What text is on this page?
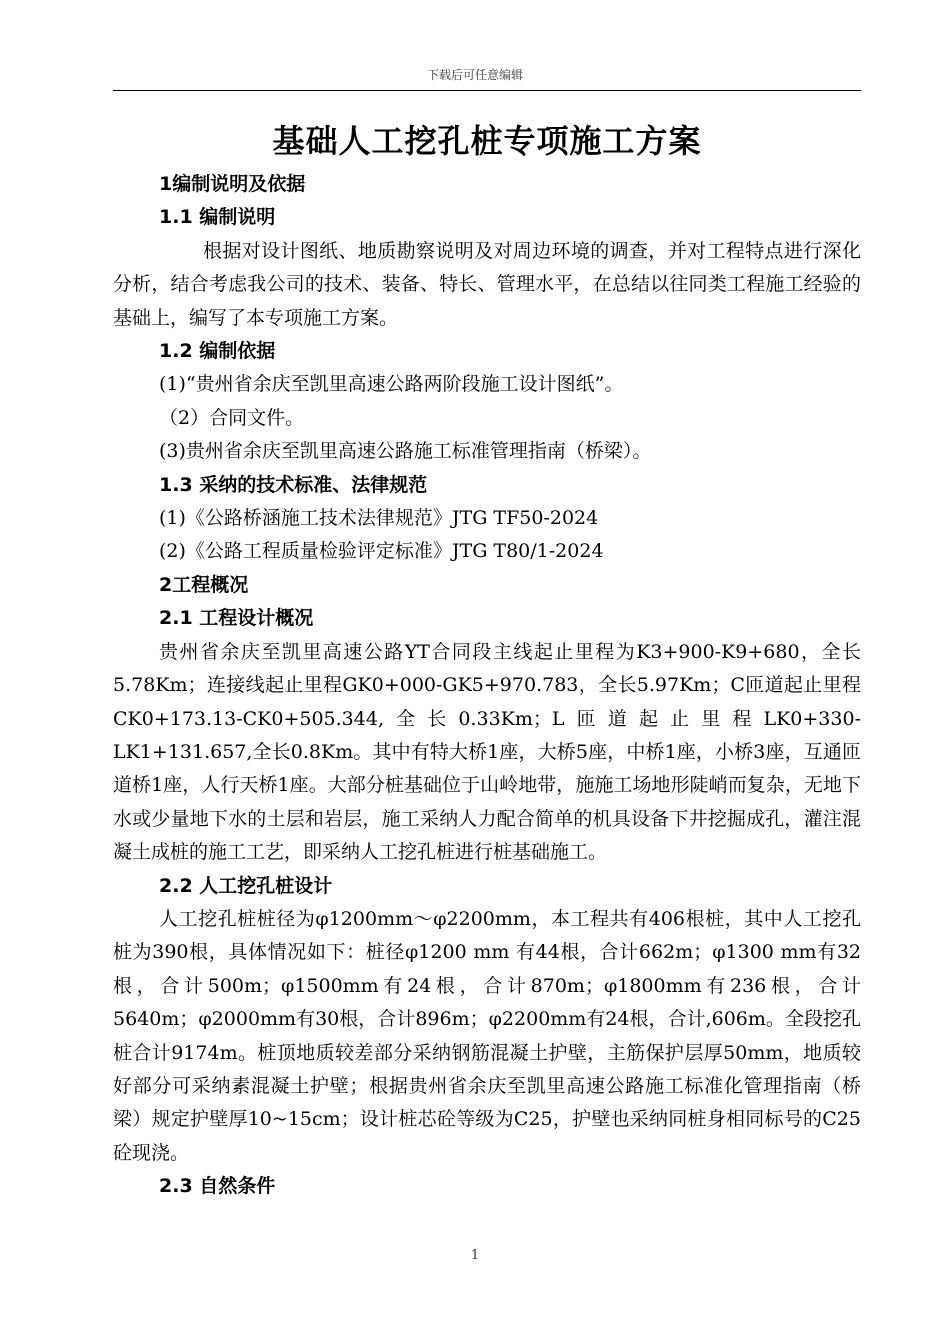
下载后可任意编辑
基础人工挖孔桩专项施工方案

1编制说明及依据

1.1 编制说明

根据对设计图纸、地质勘察说明及对周边环境的调查，并对工程特点进行深化分析，结合考虑我公司的技术、装备、特长、管理水平，在总结以往同类工程施工经验的基础上，编写了本专项施工方案。

1.2 编制依据

(1)“贵州省余庆至凯里高速公路两阶段施工设计图纸”。

（2）合同文件。

(3)贵州省余庆至凯里高速公路施工标准管理指南（桥梁）。

1.3 采纳的技术标准、法律规范

(1)《公路桥涵施工技术法律规范》JTG TF50-2024

(2)《公路工程质量检验评定标准》JTG T80/1-2024

2工程概况

2.1 工程设计概况

贵州省余庆至凯里高速公路YT合同段主线起止里程为K3+900-K9+680，全长5.78Km；连接线起止里程GK0+000-GK5+970.783，全长5.97Km；C匝道起止里程CK0+173.13-CK0+505.344,全长0.33Km；L匝道起止里程LK0+330-LK1+131.657,全长0.8Km。其中有特大桥1座，大桥5座，中桥1座，小桥3座，互通匝道桥1座，人行天桥1座。大部分桩基础位于山岭地带，施施工场地形陡峭而复杂，无地下水或少量地下水的土层和岩层，施工采纳人力配合简单的机具设备下井挖掘成孔，灌注混凝土成桩的施工工艺，即采纳人工挖孔桩进行桩基础施工。

2.2 人工挖孔桩设计

人工挖孔桩桩径为φ1200mm～φ2200mm，本工程共有406根桩，其中人工挖孔桩为390根，具体情况如下：桩径φ1200 mm 有44根，合计662m；φ1300 mm有32根，合计500m；φ1500mm有24根，合计870m；φ1800mm有236根，合计5640m；φ2000mm有30根，合计896m；φ2200mm有24根，合计,606m。全段挖孔桩合计9174m。桩顶地质较差部分采纳钢筋混凝土护壁，主筋保护层厚50mm，地质较好部分可采纳素混凝土护壁；根据贵州省余庆至凯里高速公路施工标准化管理指南（桥梁）规定护壁厚10~15cm；设计桩芯砼等级为C25，护壁也采纳同桩身相同标号的C25砼现浇。

2.3 自然条件

1
